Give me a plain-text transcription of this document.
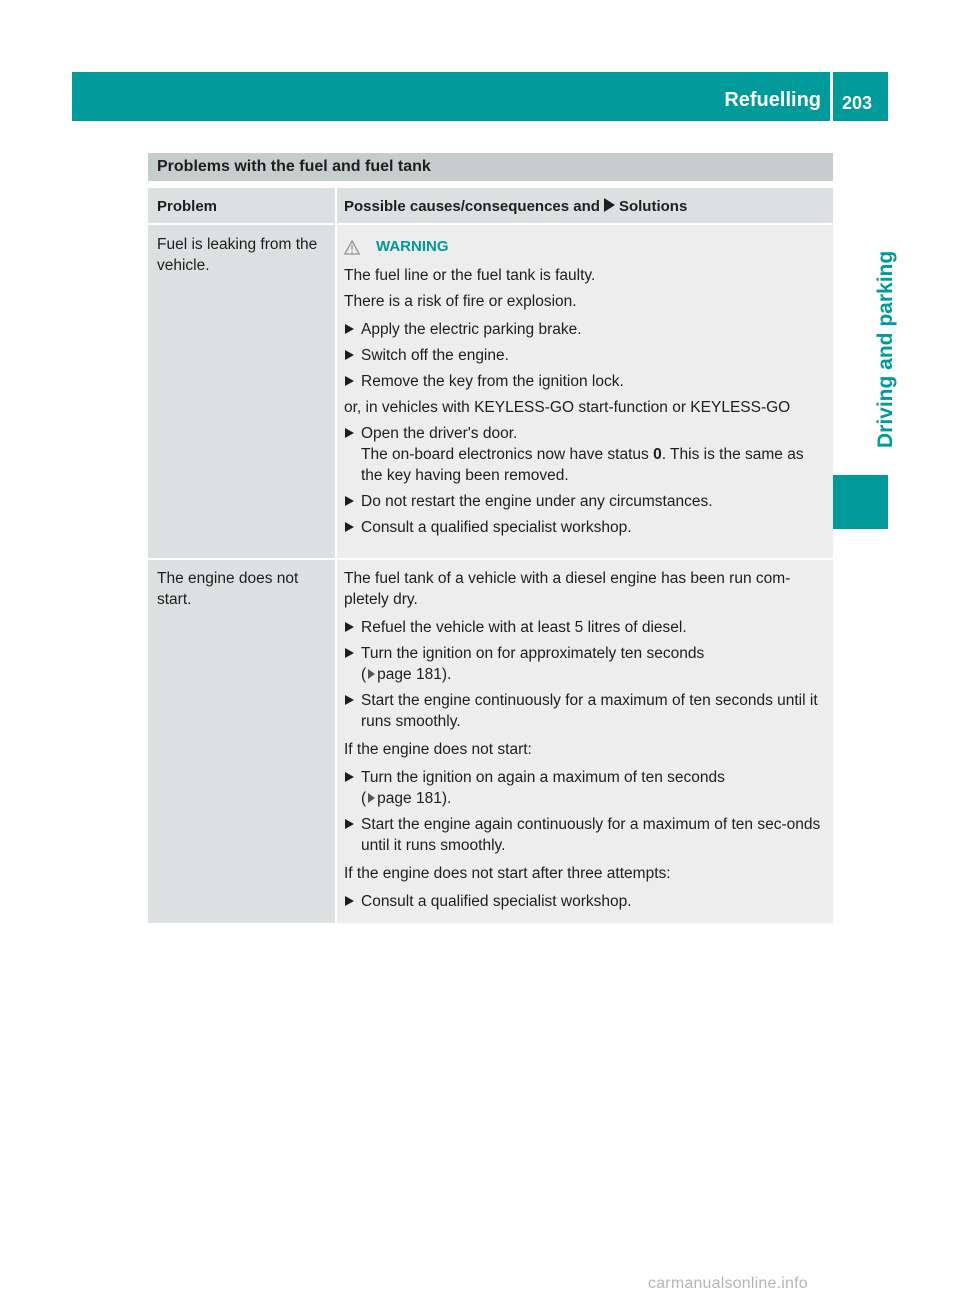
Refuelling 203
Driving and parking
Problems with the fuel and fuel tank
Problem	Possible causes/consequences and Solutions
Fuel is leaking from the vehicle.
WARNING
The fuel line or the fuel tank is faulty.
There is a risk of fire or explosion.
Apply the electric parking brake.
Switch off the engine.
Remove the key from the ignition lock.
or, in vehicles with KEYLESS-GO start-function or KEYLESS-GO
Open the driver's door.
The on-board electronics now have status 0. This is the same as the key having been removed.
Do not restart the engine under any circumstances.
Consult a qualified specialist workshop.
The engine does not start.
The fuel tank of a vehicle with a diesel engine has been run com-pletely dry.
Refuel the vehicle with at least 5 litres of diesel.
Turn the ignition on for approximately ten seconds
( page 181).
Start the engine continuously for a maximum of ten seconds until it runs smoothly.
If the engine does not start:
Turn the ignition on again a maximum of ten seconds
( page 181).
Start the engine again continuously for a maximum of ten sec-onds until it runs smoothly.
If the engine does not start after three attempts:
Consult a qualified specialist workshop.
carmanualsonline.info
